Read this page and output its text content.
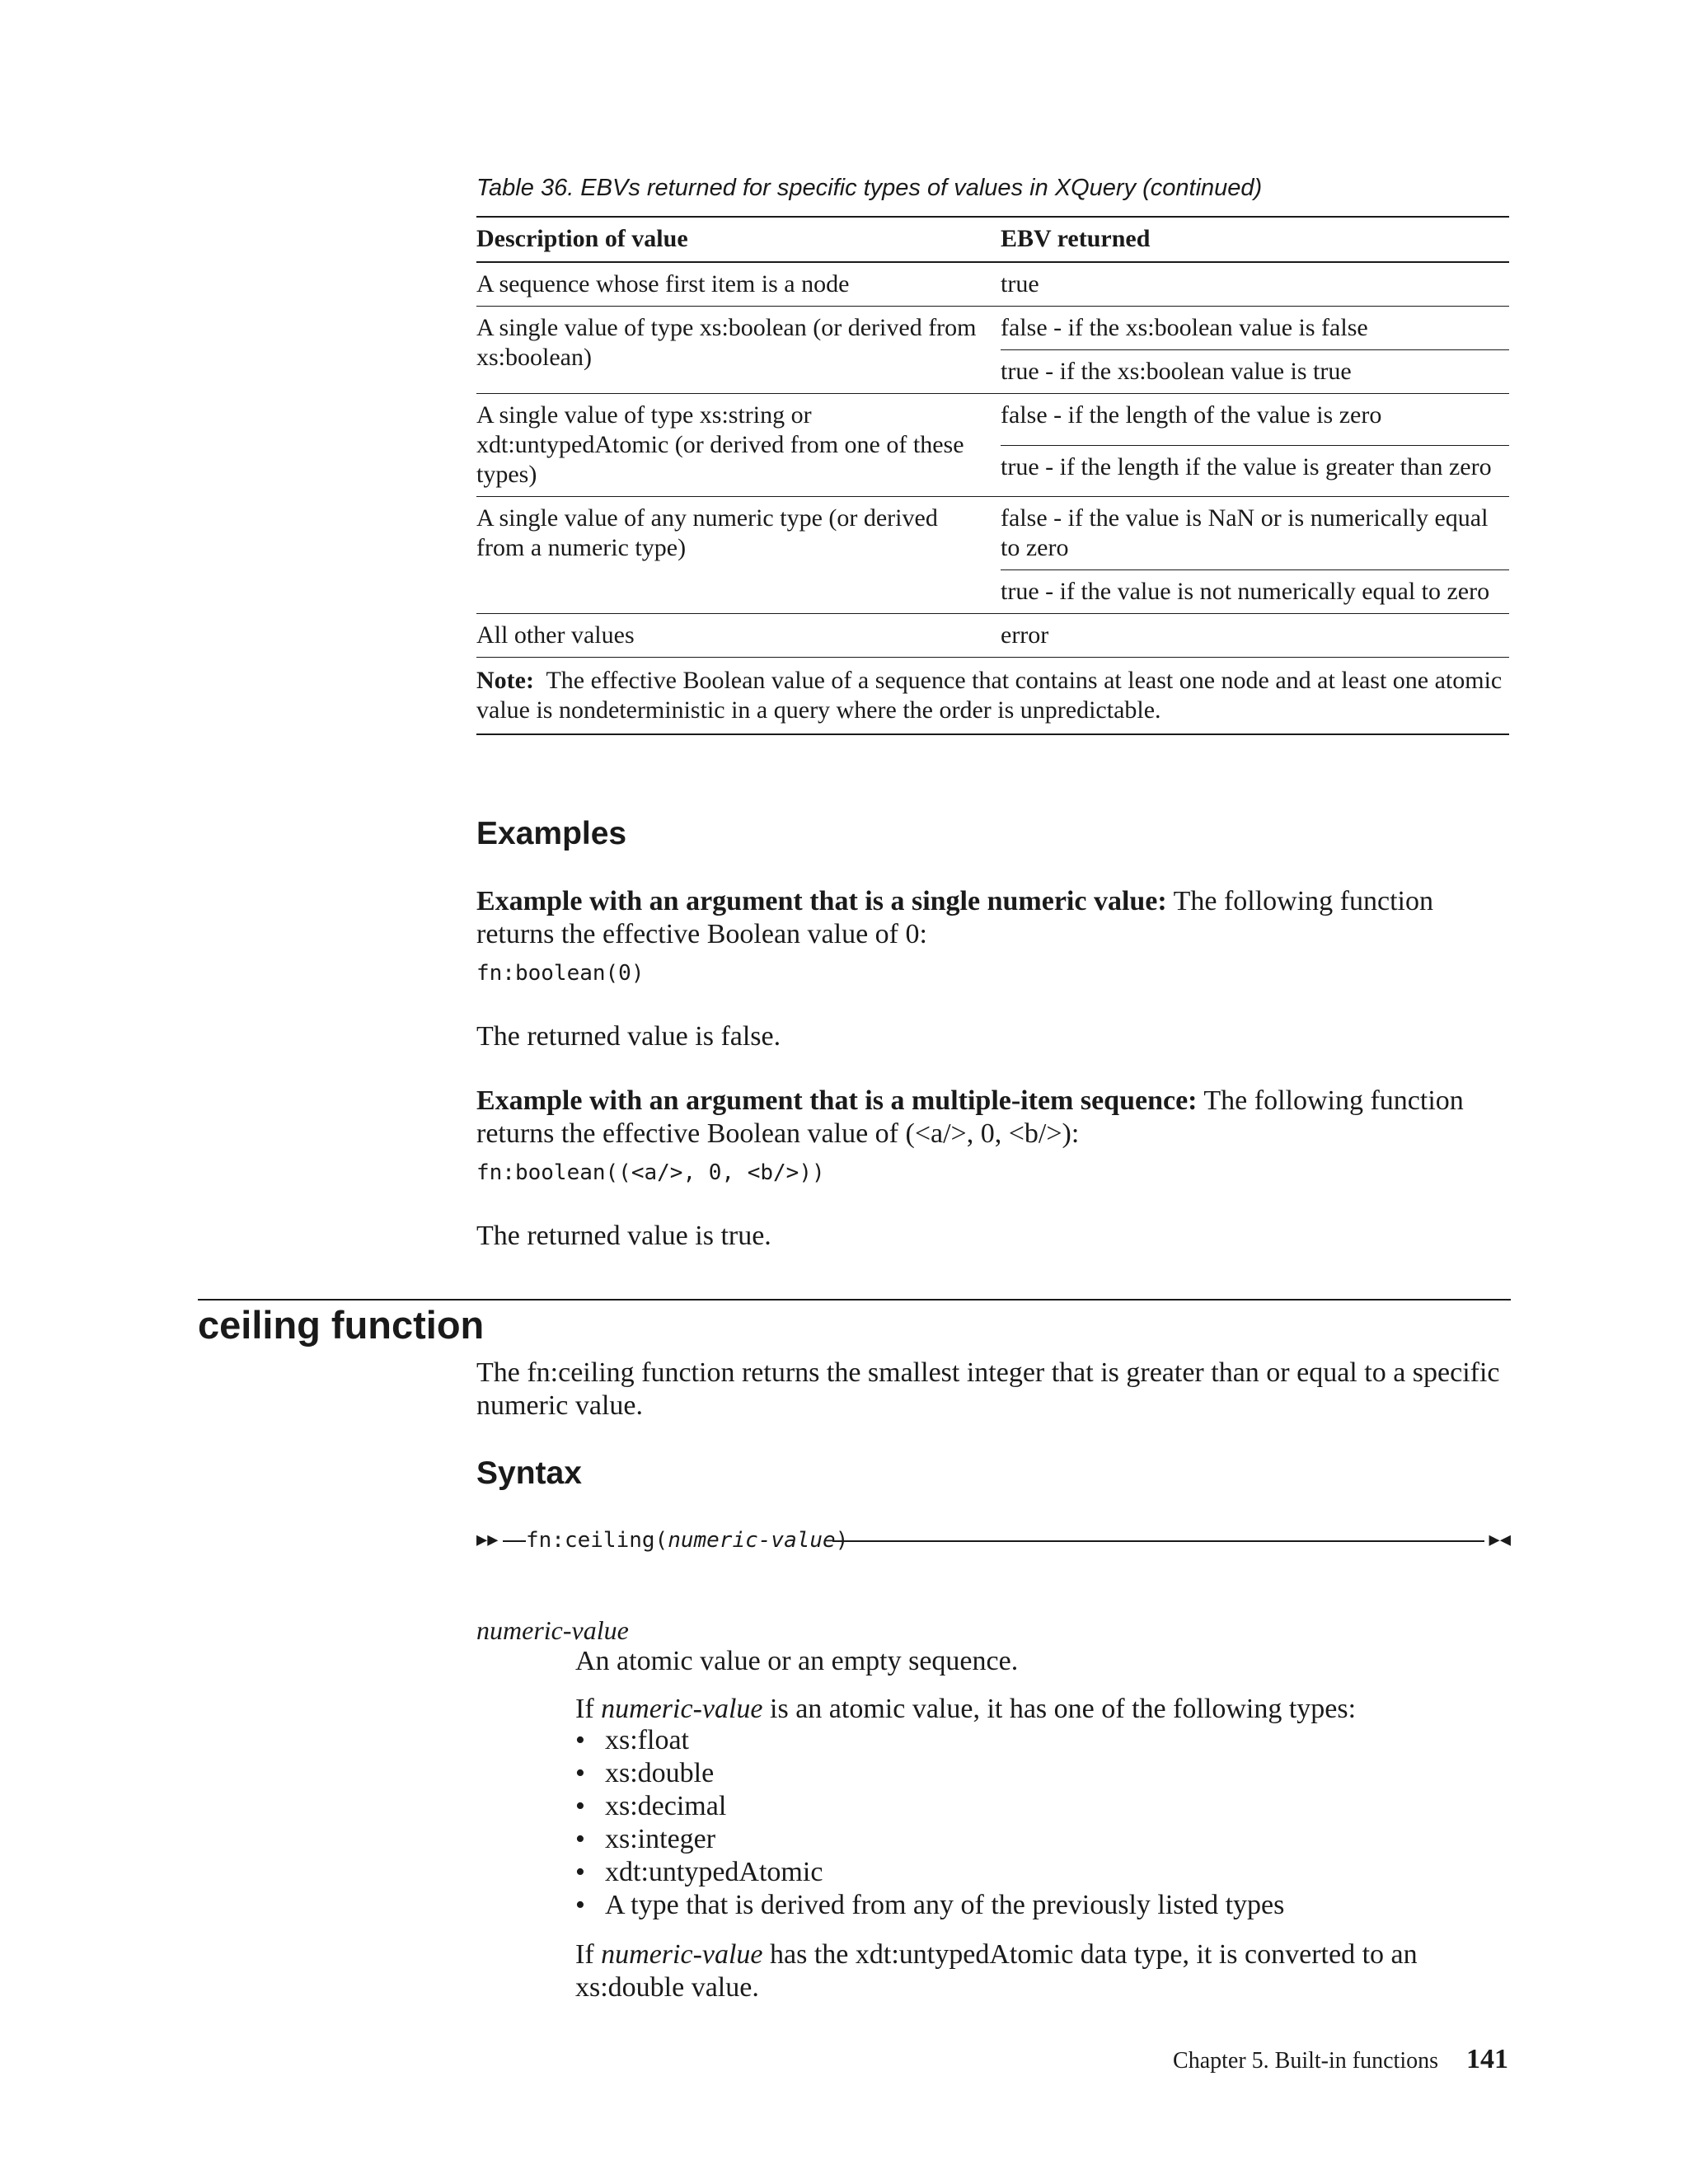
Table 36. EBVs returned for specific types of values in XQuery (continued)
Description of value	EBV returned
A sequence whose first item is a node	true
A single value of type xs:boolean (or derived from xs:boolean)	false - if the xs:boolean value is false
	true - if the xs:boolean value is true
A single value of type xs:string or xdt:untypedAtomic (or derived from one of these types)	false - if the length of the value is zero
	true - if the length if the value is greater than zero
A single value of any numeric type (or derived from a numeric type)	false - if the value is NaN or is numerically equal to zero
	true - if the value is not numerically equal to zero
All other values	error
Note: The effective Boolean value of a sequence that contains at least one node and at least one atomic value is nondeterministic in a query where the order is unpredictable.	
Examples
Example with an argument that is a single numeric value: The following function returns the effective Boolean value of 0:
fn:boolean(0)
The returned value is false.
Example with an argument that is a multiple-item sequence: The following function returns the effective Boolean value of (<a/>, 0, <b/>):
fn:boolean((<a/>, 0, <b/>))
The returned value is true.
ceiling function
The fn:ceiling function returns the smallest integer that is greater than or equal to a specific numeric value.
Syntax
▶▶ fn:ceiling(numeric-value)	▶◀
numeric-value
An atomic value or an empty sequence.
If numeric-value is an atomic value, it has one of the following types:
• xs:float
• xs:double
• xs:decimal
• xs:integer
• xdt:untypedAtomic
• A type that is derived from any of the previously listed types
If numeric-value has the xdt:untypedAtomic data type, it is converted to an xs:double value.
Chapter 5. Built-in functions 141
